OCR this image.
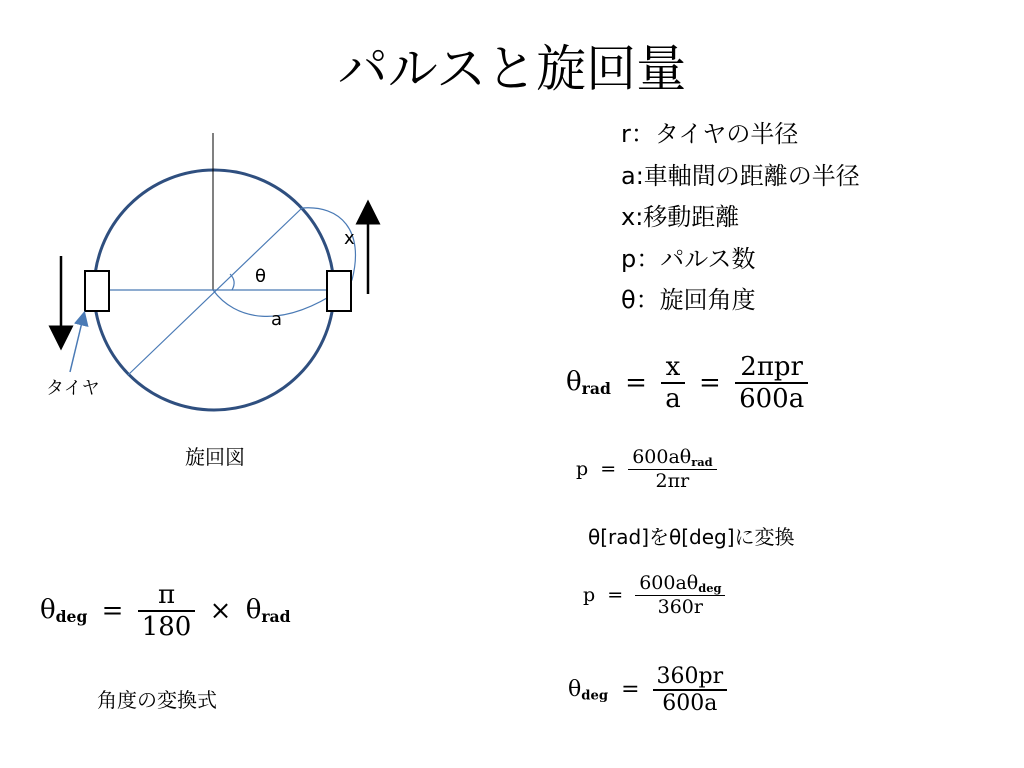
パルスと旋回量
x
θ
a
タイヤ
旋回図
r：タイヤの半径
a:車軸間の距離の半径
x:移動距離
p：パルス数
θ：旋回角度
$\theta_{rad} = \frac{x}{a} = \frac{\text{2πpr}}{600a}$
$p = \frac{600a\theta_{rad}}{2\pi r}$
θ[rad]をθ[deg]に変換
$p = \frac{600a\theta_{deg}}{360r}$
$\theta_{deg} = \frac{360pr}{600a}$
$\theta_{deg} = \frac{\pi}{180} \times \theta_{rad}$
角度の変換式
